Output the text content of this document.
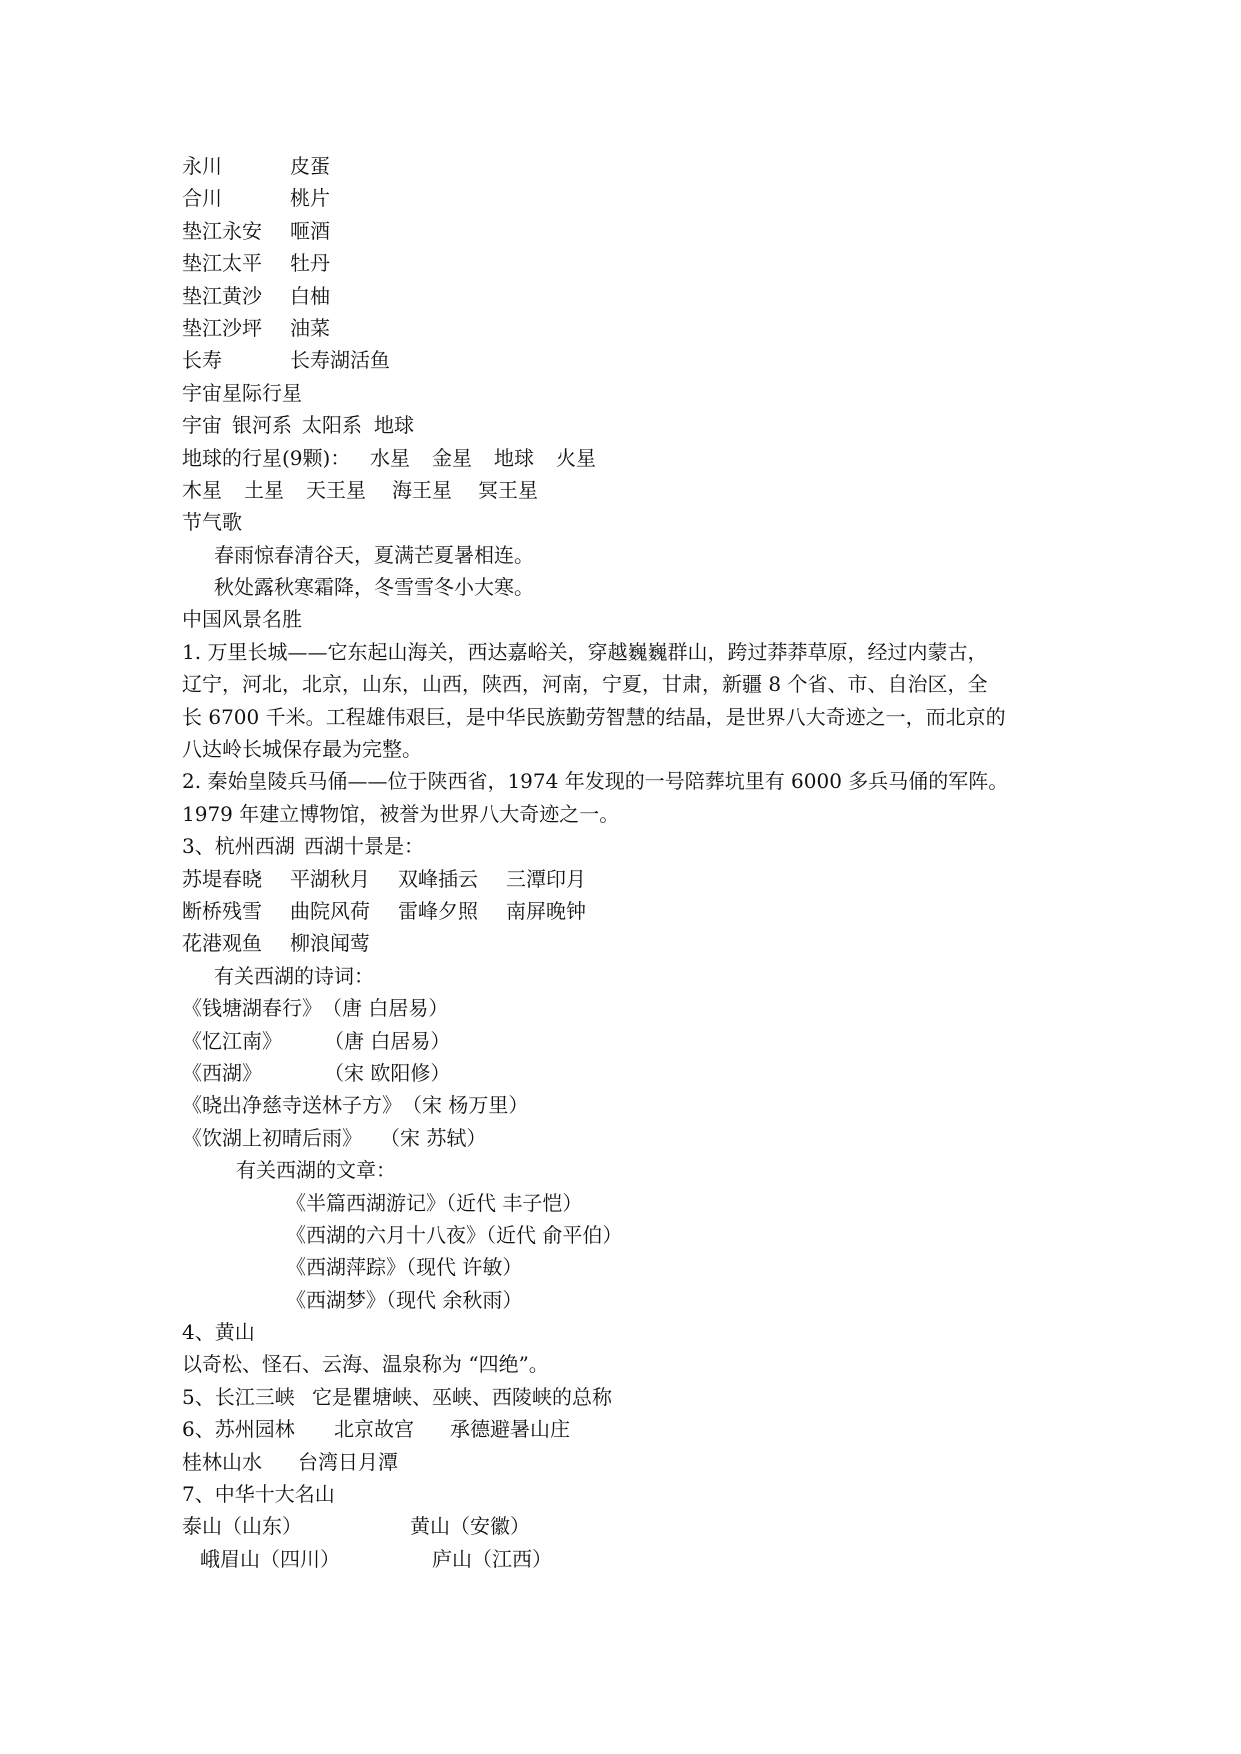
永川	皮蛋
合川	桃片
垫江永安 咂酒
垫江太平 牡丹
垫江黄沙 白柚
垫江沙坪 油菜
长寿	长寿湖活鱼
宇宙星际行星
宇宙 银河系 太阳系 地球
地球的行星(9颗)： 水星 金星 地球 火星
木星 土星 天王星 海王星 冥王星
节气歌
春雨惊春清谷天，夏满芒夏暑相连。
秋处露秋寒霜降，冬雪雪冬小大寒。
中国风景名胜
1. 万里长城——它东起山海关，西达嘉峪关，穿越巍巍群山，跨过莽莽草原，经过内蒙古，
辽宁，河北，北京，山东，山西，陕西，河南，宁夏，甘肃，新疆 8 个省、市、自治区，全
长 6700 千米。工程雄伟艰巨，是中华民族勤劳智慧的结晶，是世界八大奇迹之一，而北京的
八达岭长城保存最为完整。
2. 秦始皇陵兵马俑——位于陕西省，1974 年发现的一号陪葬坑里有 6000 多兵马俑的军阵。
1979 年建立博物馆，被誉为世界八大奇迹之一。
3、杭州西湖 西湖十景是：
苏堤春晓 平湖秋月 双峰插云 三潭印月
断桥残雪 曲院风荷 雷峰夕照 南屏晚钟
花港观鱼 柳浪闻莺
有关西湖的诗词：
《钱塘湖春行》（唐 白居易）
《忆江南》 （唐 白居易）
《西湖》	（宋 欧阳修）
《晓出净慈寺送林子方》（宋 杨万里）
《饮湖上初晴后雨》 （宋 苏轼）
有关西湖的文章：
《半篇西湖游记》（近代 丰子恺）
《西湖的六月十八夜》（近代 俞平伯）
《西湖萍踪》（现代 许敏）
《西湖梦》（现代 余秋雨）
4、黄山
以奇松、怪石、云海、温泉称为 “四绝”。
5、长江三峡 它是瞿塘峡、巫峡、西陵峡的总称
6、苏州园林 北京故宫 承德避暑山庄
桂林山水 台湾日月潭
7、中华十大名山
泰山（山东）	黄山（安徽）
峨眉山（四川）	庐山（江西）
